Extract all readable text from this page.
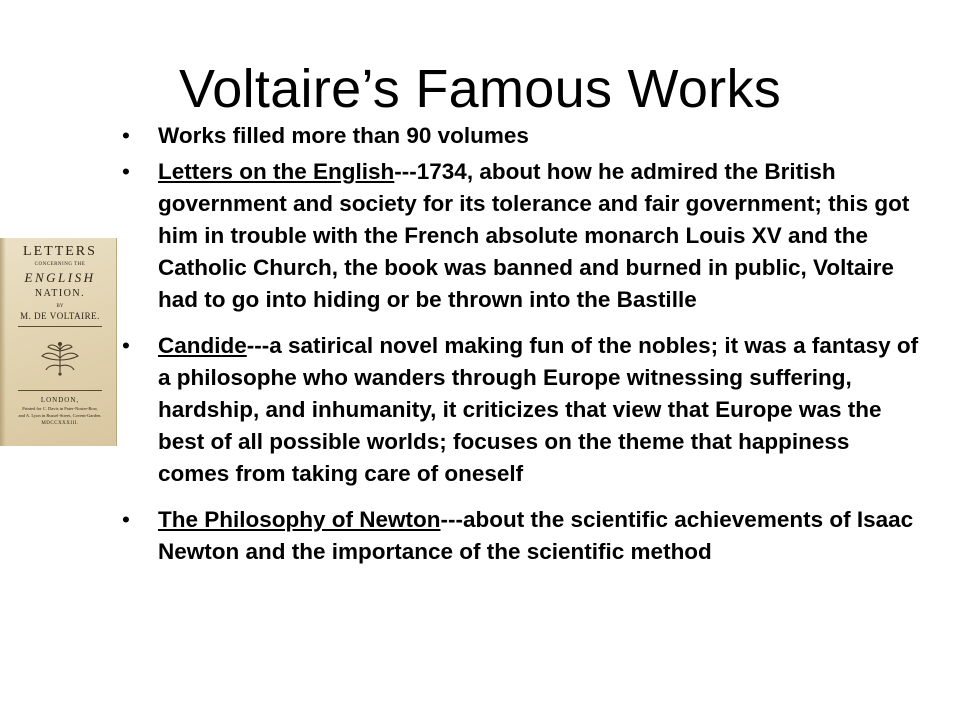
Voltaire’s Famous Works
LETTERS
CONCERNING THE
ENGLISH
NATION.
BY
M. DE VOLTAIRE.
LONDON,
Printed for C. Davis in Pater-Noster-Row,
and A. Lyon in Russel-Street, Covent-Garden.
MDCCXXXIII.
•	Works filled more than 90 volumes
•	Letters on the English---1734, about how he admired the British government and society for its tolerance and fair government; this got him in trouble with the French absolute monarch Louis XV and the Catholic Church, the book was banned and burned in public, Voltaire had to go into hiding or be thrown into the Bastille
•	Candide---a satirical novel making fun of the nobles; it was a fantasy of a philosophe who wanders through Europe witnessing suffering, hardship, and inhumanity, it criticizes that view that Europe was the best of all possible worlds; focuses on the theme that happiness comes from taking care of oneself
•	The Philosophy of Newton---about the scientific achievements of Isaac Newton and the importance of the scientific method
